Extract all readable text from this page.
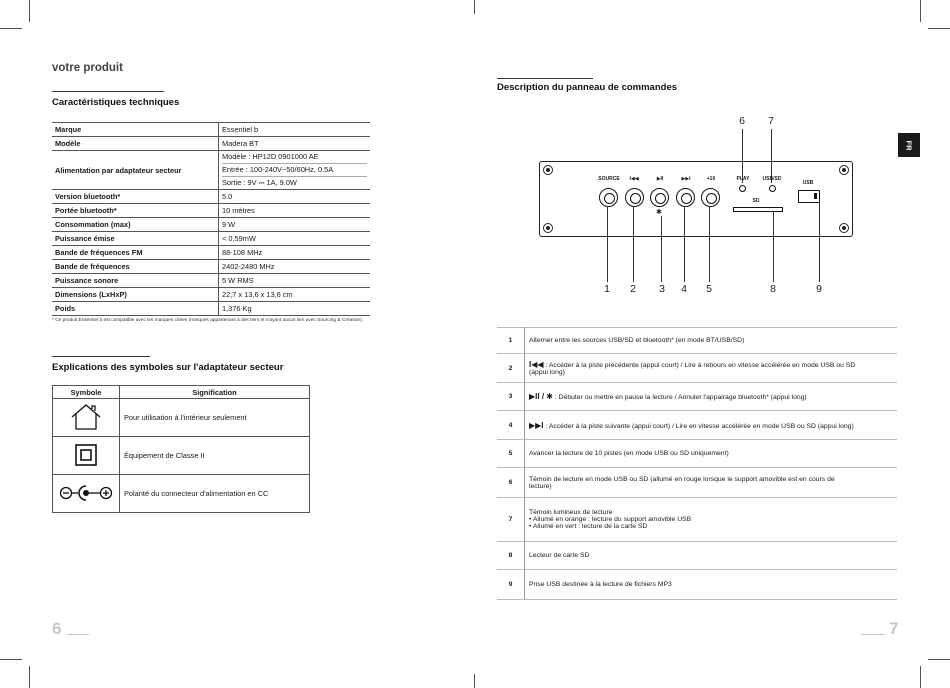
votre produit
Caractéristiques techniques
Marque	Essentiel b
Modèle	Madera BT
Alimentation par adaptateur secteur	Modèle : HP12D 0901000 AE
Entrée : 100-240V~50/60Hz, 0.5A
Sortie : 9V ⎓ 1A, 9.0W

Version bluetooth*	5.0
Portée bluetooth*	10 mètres
Consommation (max)	9 W
Puissance émise	< 0,59mW
Bande de fréquences FM	88-108 MHz
Bande de fréquences	2402-2480 MHz
Puissance sonore	5 W RMS
Dimensions (LxHxP)	22,7 x 13,6 x 13,6 cm
Poids	1,376 Kg
* Ce produit Essentiel b est compatible avec les marques citées (marques appartenant à des tiers et n'ayant aucun lien avec Sourcing & Création).
Explications des symboles sur l'adaptateur secteur
Symbole	Signification
	Pour utilisation à l'intérieur seulement
	Équipement de Classe II
	Polarité du connecteur d'alimentation en CC
6
Description du panneau de commandes
FR
6	7
SOURCE	I◀◀	▶II	▶▶I	+10	PLAY	USB/SD
USB
✱
SD
1	2	3	4	5	8	9
1	Alterner entre les sources USB/SD et bluetooth* (en mode BT/USB/SD)
2	I◀◀ : Accéder à la piste précédente (appui court) / Lire à rebours en vitesse accélérée en mode USB ou SD
(appui long)

3	▶II / ✱ : Débuter ou mettre en pause la lecture / Annuler l'appairage bluetooth* (appui long)
4	▶▶I : Accéder à la piste suivante (appui court) / Lire en vitesse accélérée en mode USB ou SD (appui long)
5	Avancer la lecture de 10 pistes (en mode USB ou SD uniquement)
6	Témoin de lecture en mode USB ou SD (allumé en rouge lorsque le support amovible est en cours de
lecture)

7	Témoin lumineux de lecture
• Allumé en orange : lecture du support amovible USB
• Allumé en vert : lecture de la carte SD

8	Lecteur de carte SD
9	Prise USB destinée à la lecture de fichiers MP3
7
